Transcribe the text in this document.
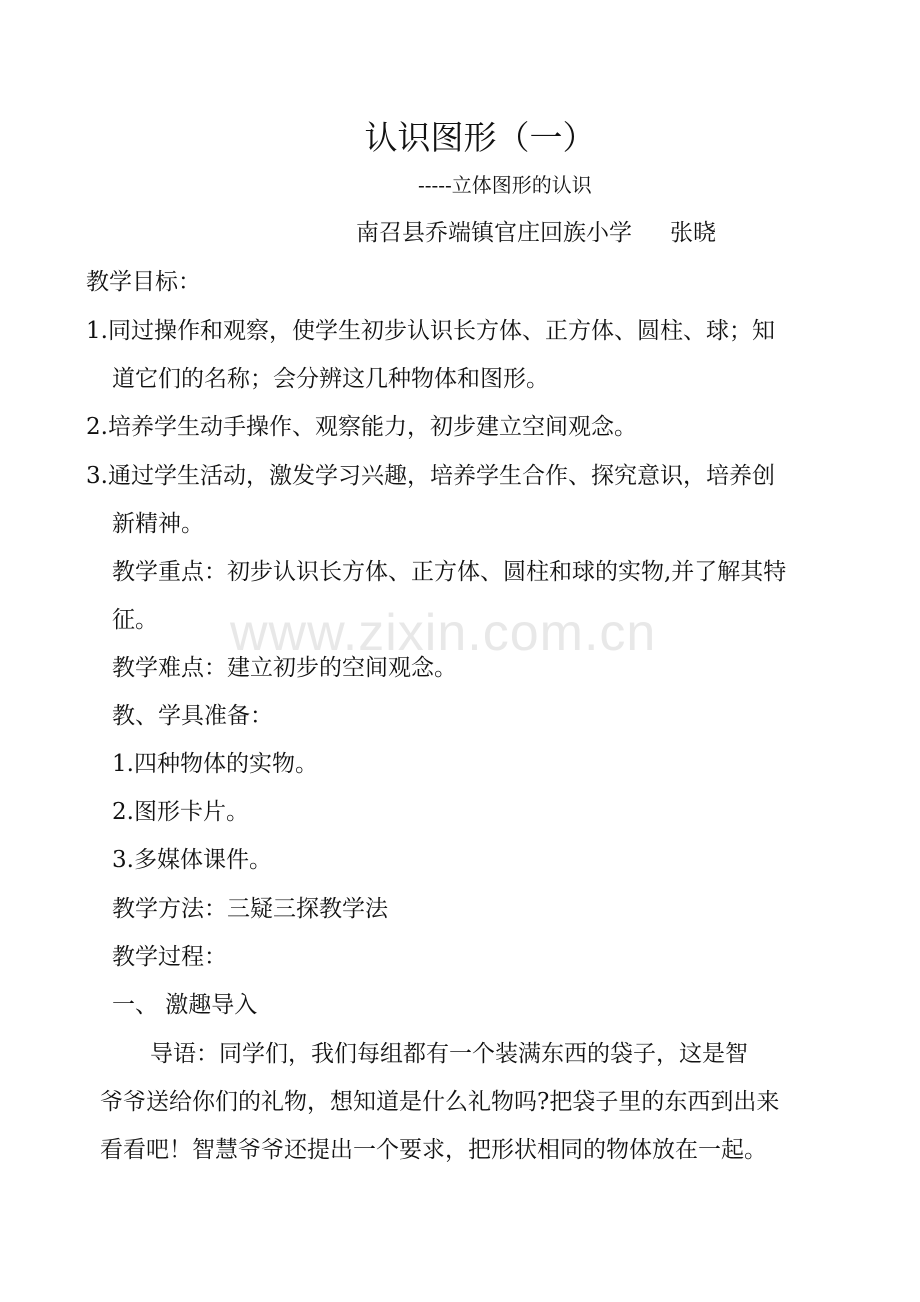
认识图形（一）
-----立体图形的认识
南召县乔端镇官庄回族小学 张晓
教学目标：
1.同过操作和观察，使学生初步认识长方体、正方体、圆柱、球；知
道它们的名称；会分辨这几种物体和图形。
2.培养学生动手操作、观察能力，初步建立空间观念。
3.通过学生活动，激发学习兴趣，培养学生合作、探究意识，培养创
新精神。
教学重点：初步认识长方体、正方体、圆柱和球的实物,并了解其特
征。
教学难点：建立初步的空间观念。
教、学具准备：
1.四种物体的实物。
2.图形卡片。
3.多媒体课件。
教学方法：三疑三探教学法
教学过程：
一、 激趣导入
导语：同学们，我们每组都有一个装满东西的袋子，这是智
爷爷送给你们的礼物，想知道是什么礼物吗?把袋子里的东西到出来
看看吧！智慧爷爷还提出一个要求，把形状相同的物体放在一起。
www.zixin.com.cn
